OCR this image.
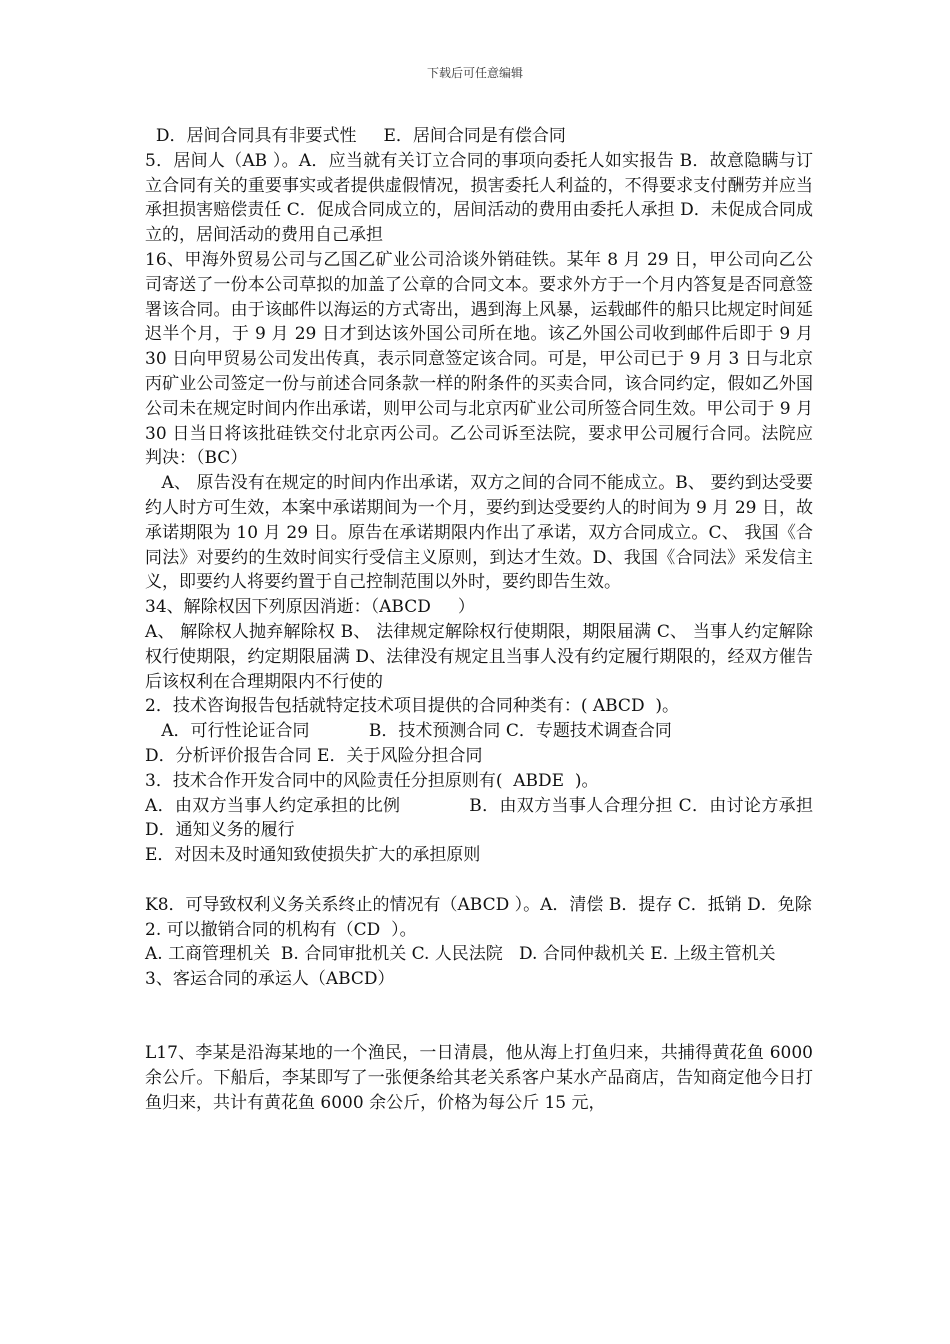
下载后可任意编辑

D．居间合同具有非要式性     E．居间合同是有偿合同

5．居间人（AB ）。A．应当就有关订立合同的事项向委托人如实报告 B．故意隐瞒与订立合同有关的重要事实或者提供虚假情况，损害委托人利益的，不得要求支付酬劳并应当承担损害赔偿责任 C．促成合同成立的，居间活动的费用由委托人承担 D．未促成合同成立的，居间活动的费用自己承担

16、甲海外贸易公司与乙国乙矿业公司洽谈外销硅铁。某年 8 月 29 日，甲公司向乙公司寄送了一份本公司草拟的加盖了公章的合同文本。要求外方于一个月内答复是否同意签署该合同。由于该邮件以海运的方式寄出，遇到海上风暴，运载邮件的船只比规定时间延迟半个月，于 9 月 29 日才到达该外国公司所在地。该乙外国公司收到邮件后即于 9 月 30 日向甲贸易公司发出传真，表示同意签定该合同。可是，甲公司已于 9 月 3 日与北京丙矿业公司签定一份与前述合同条款一样的附条件的买卖合同，该合同约定，假如乙外国公司未在规定时间内作出承诺，则甲公司与北京丙矿业公司所签合同生效。甲公司于 9 月 30 日当日将该批硅铁交付北京丙公司。乙公司诉至法院，要求甲公司履行合同。法院应判决：（BC）

A、 原告没有在规定的时间内作出承诺，双方之间的合同不能成立。B、 要约到达受要约人时方可生效，本案中承诺期间为一个月，要约到达受要约人的时间为 9 月 29 日，故承诺期限为 10 月 29 日。原告在承诺期限内作出了承诺，双方合同成立。C、 我国《合同法》对要约的生效时间实行受信主义原则，到达才生效。D、我国《合同法》采发信主义，即要约人将要约置于自己控制范围以外时，要约即告生效。

34、解除权因下列原因消逝：（ABCD     ）

A、 解除权人抛弃解除权 B、 法律规定解除权行使期限，期限届满 C、 当事人约定解除权行使期限，约定期限届满 D、法律没有规定且当事人没有约定履行期限的，经双方催告后该权利在合理期限内不行使的

2．技术咨询报告包括就特定技术项目提供的合同种类有：( ABCD  )。

A．可行性论证合同           B．技术预测合同 C．专题技术调查合同

D．分析评价报告合同 E．关于风险分担合同

3．技术合作开发合同中的风险责任分担原则有(  ABDE  )。

A．由双方当事人约定承担的比例            B．由双方当事人合理分担 C．由讨论方承担            D．通知义务的履行

E．对因未及时通知致使损失扩大的承担原则

K8．可导致权利义务关系终止的情况有（ABCD ）。A．清偿 B．提存 C．抵销 D．免除

2. 可以撤销合同的机构有（CD  ）。

A. 工商管理机关  B. 合同审批机关 C. 人民法院   D. 合同仲裁机关 E. 上级主管机关

3、客运合同的承运人（ABCD）

L17、李某是沿海某地的一个渔民，一日清晨，他从海上打鱼归来，共捕得黄花鱼 6000 余公斤。下船后，李某即写了一张便条给其老关系客户某水产品商店，告知商定他今日打鱼归来，共计有黄花鱼 6000 余公斤，价格为每公斤 15 元，
